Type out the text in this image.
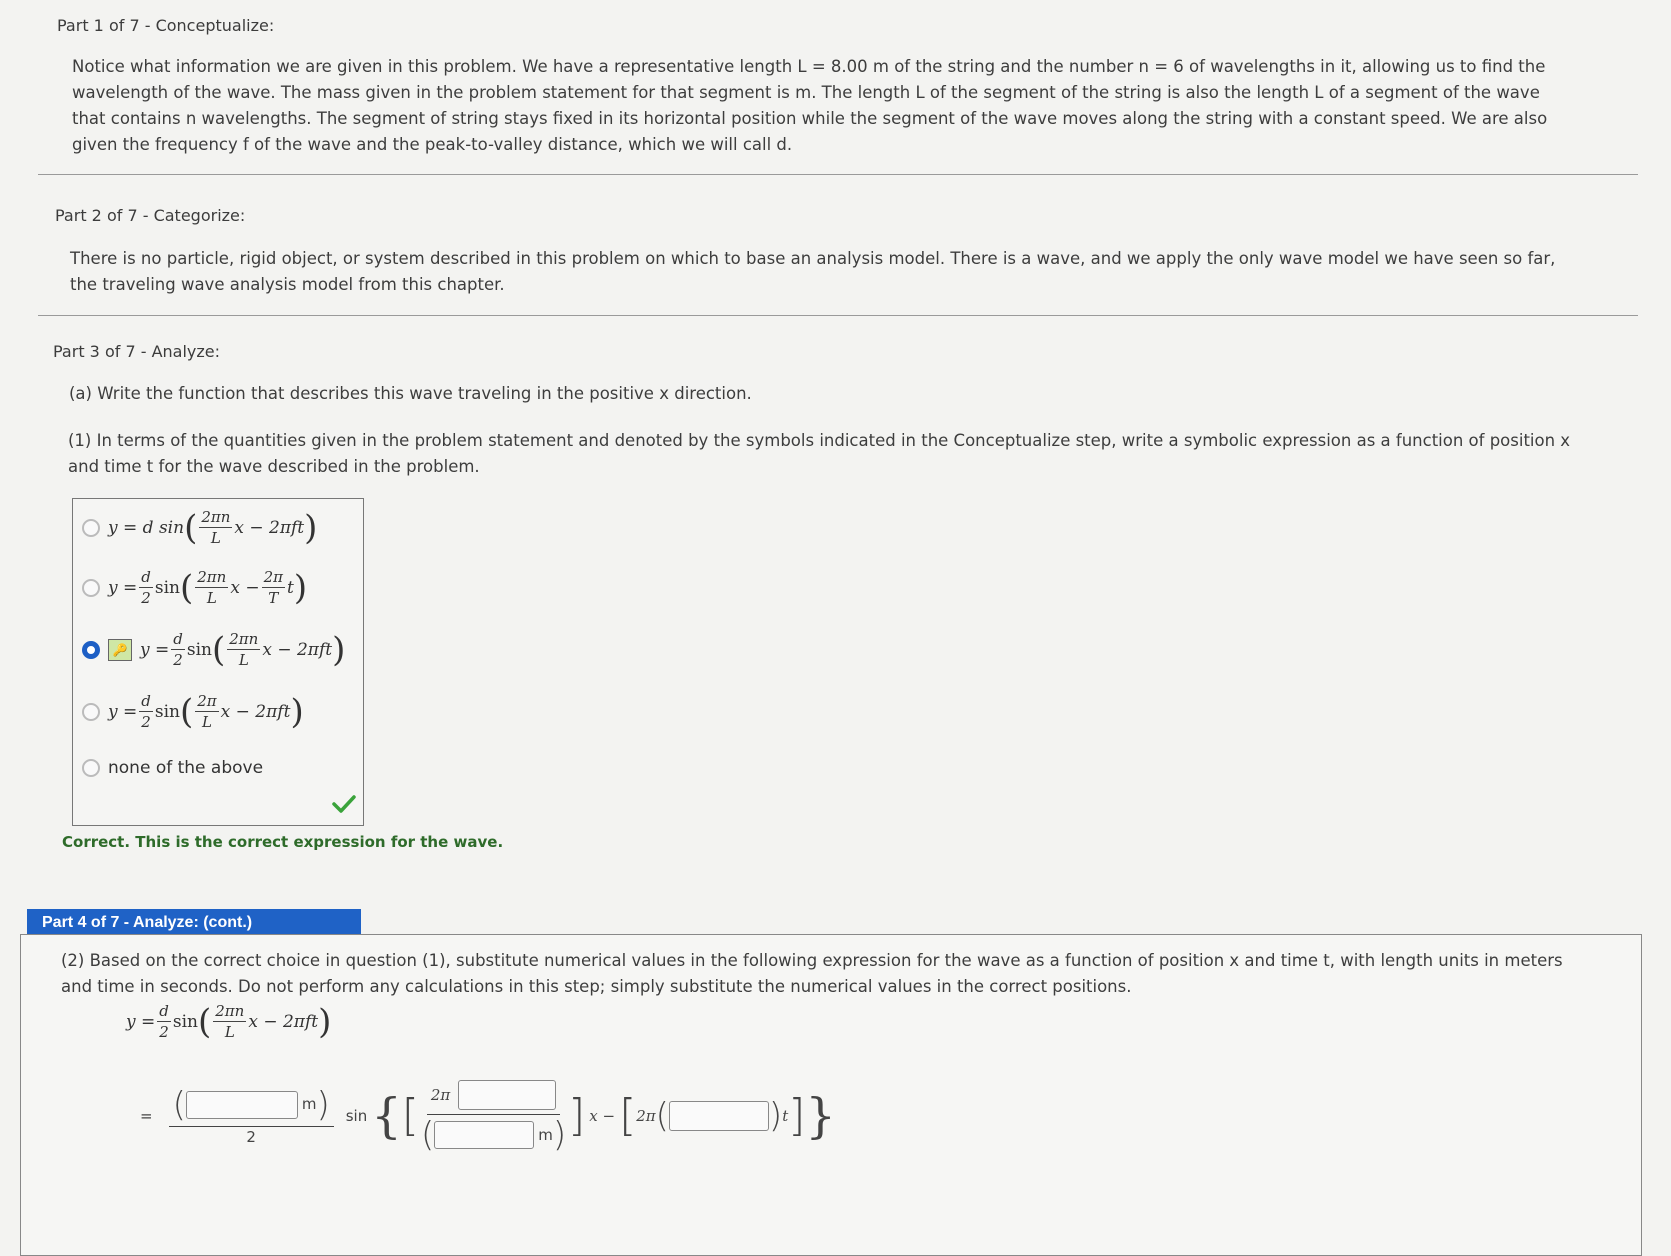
Part 1 of 7 - Conceptualize:
Notice what information we are given in this problem. We have a representative length L = 8.00 m of the string and the number n = 6 of wavelengths in it, allowing us to find the wavelength of the wave. The mass given in the problem statement for that segment is m. The length L of the segment of the string is also the length L of a segment of the wave that contains n wavelengths. The segment of string stays fixed in its horizontal position while the segment of the wave moves along the string with a constant speed. We are also given the frequency f of the wave and the peak-to-valley distance, which we will call d.
Part 2 of 7 - Categorize:
There is no particle, rigid object, or system described in this problem on which to base an analysis model. There is a wave, and we apply the only wave model we have seen so far, the traveling wave analysis model from this chapter.
Part 3 of 7 - Analyze:
(a) Write the function that describes this wave traveling in the positive x direction.
(1) In terms of the quantities given in the problem statement and denoted by the symbols indicated in the Conceptualize step, write a symbolic expression as a function of position x and time t for the wave described in the problem.
y = d sin ( $\frac{2\pi n}{L}$ x − 2πft )
$y = \frac{d}{2}$ sin ( $\frac{2\pi n}{L}$ $x - \frac{2\pi}{T}$ t )
🔑 $y = \frac{d}{2}$ sin ( $\frac{2\pi n}{L}$ x − 2πft )
$y = \frac{d}{2}$ sin ( $\frac{2\pi}{L}$ x − 2πft )
none of the above
Correct. This is the correct expression for the wave.
Part 4 of 7 - Analyze: (cont.)
(2) Based on the correct choice in question (1), substitute numerical values in the following expression for the wave as a function of position x and time t, with length units in meters and time in seconds. Do not perform any calculations in this step; simply substitute the numerical values in the correct positions.
$y = \frac{d}{2}$ sin ( $\frac{2\pi n}{L}$ x − 2πft )
= (	m )
2 sin { [ 2π
(	m ) ] x − [ 2π (	) t ] }
